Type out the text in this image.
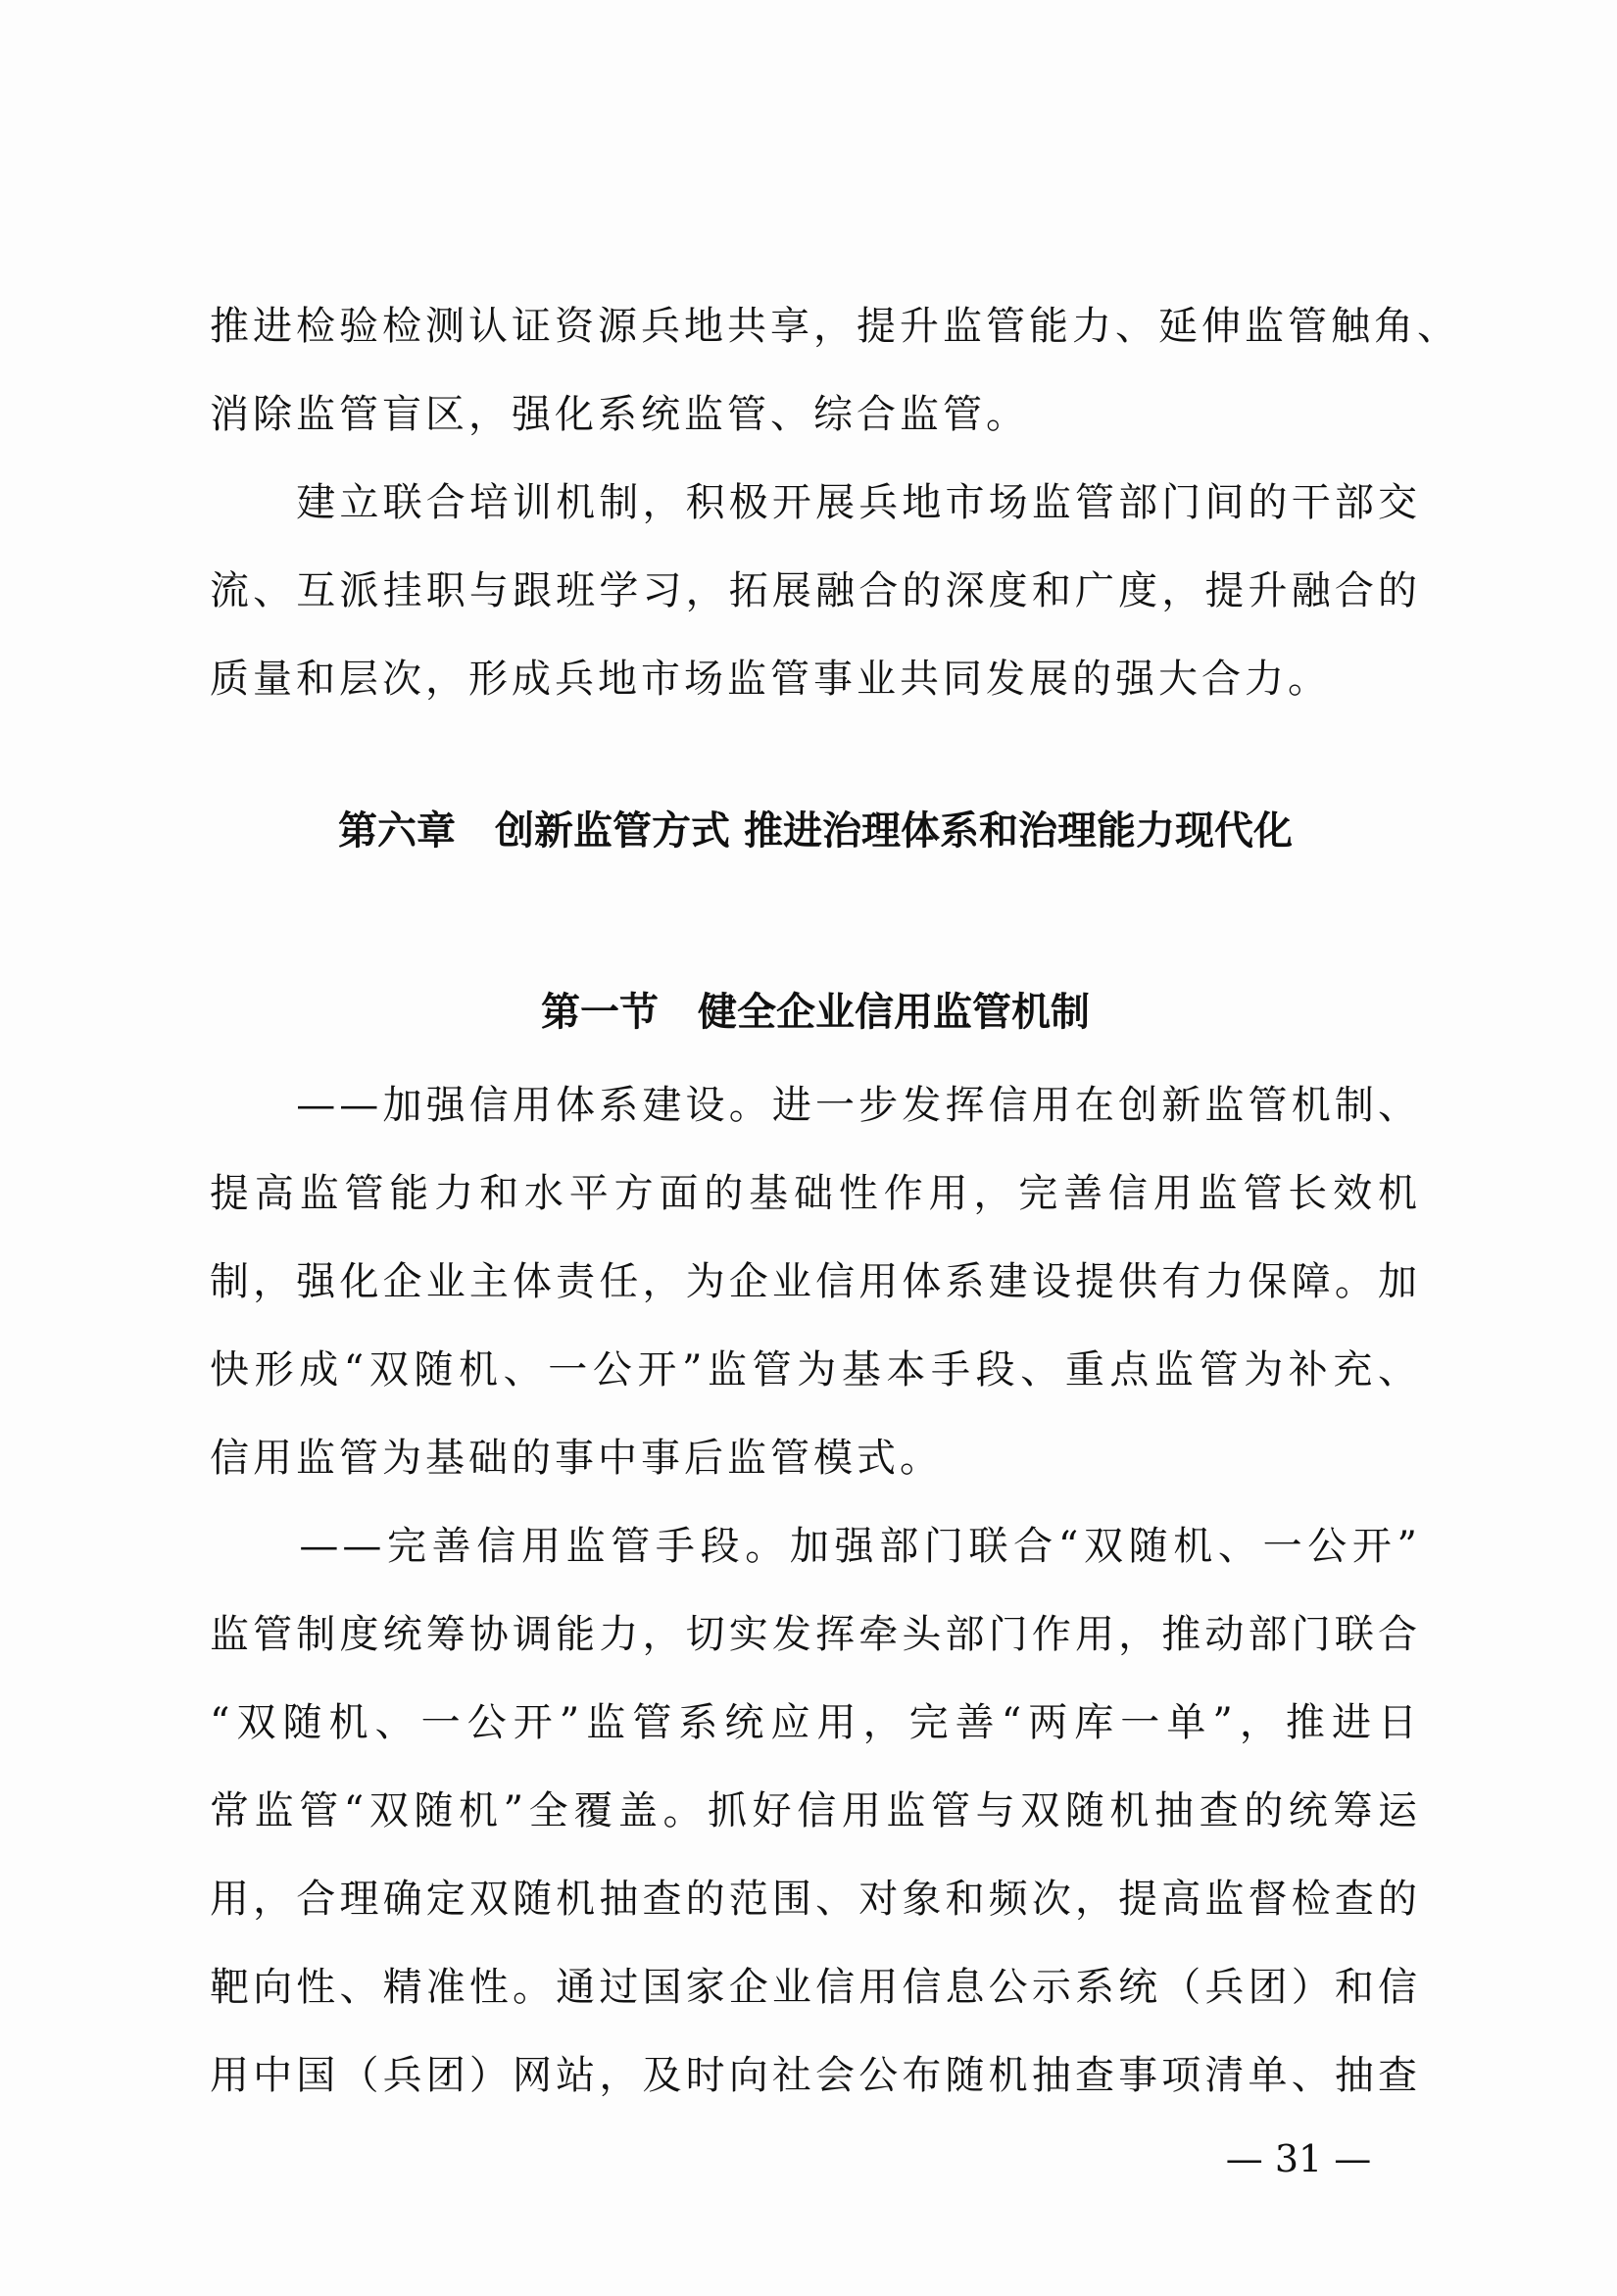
推进检验检测认证资源兵地共享，提升监管能力、延伸监管触角、

消除监管盲区，强化系统监管、综合监管。

　　建立联合培训机制，积极开展兵地市场监管部门间的干部交

流、互派挂职与跟班学习，拓展融合的深度和广度，提升融合的

质量和层次，形成兵地市场监管事业共同发展的强大合力。

第六章　创新监管方式 推进治理体系和治理能力现代化
第一节　健全企业信用监管机制

　　——加强信用体系建设。进一步发挥信用在创新监管机制、

提高监管能力和水平方面的基础性作用，完善信用监管长效机

制，强化企业主体责任，为企业信用体系建设提供有力保障。加

快形成“双随机、一公开”监管为基本手段、重点监管为补充、

信用监管为基础的事中事后监管模式。

　　——完善信用监管手段。加强部门联合“双随机、一公开”

监管制度统筹协调能力，切实发挥牵头部门作用，推动部门联合

“双随机、一公开”监管系统应用，完善“两库一单”，推进日

常监管“双随机”全覆盖。抓好信用监管与双随机抽查的统筹运

用，合理确定双随机抽查的范围、对象和频次，提高监督检查的

靶向性、精准性。通过国家企业信用信息公示系统（兵团）和信

用中国（兵团）网站，及时向社会公布随机抽查事项清单、抽查

— 31 —
